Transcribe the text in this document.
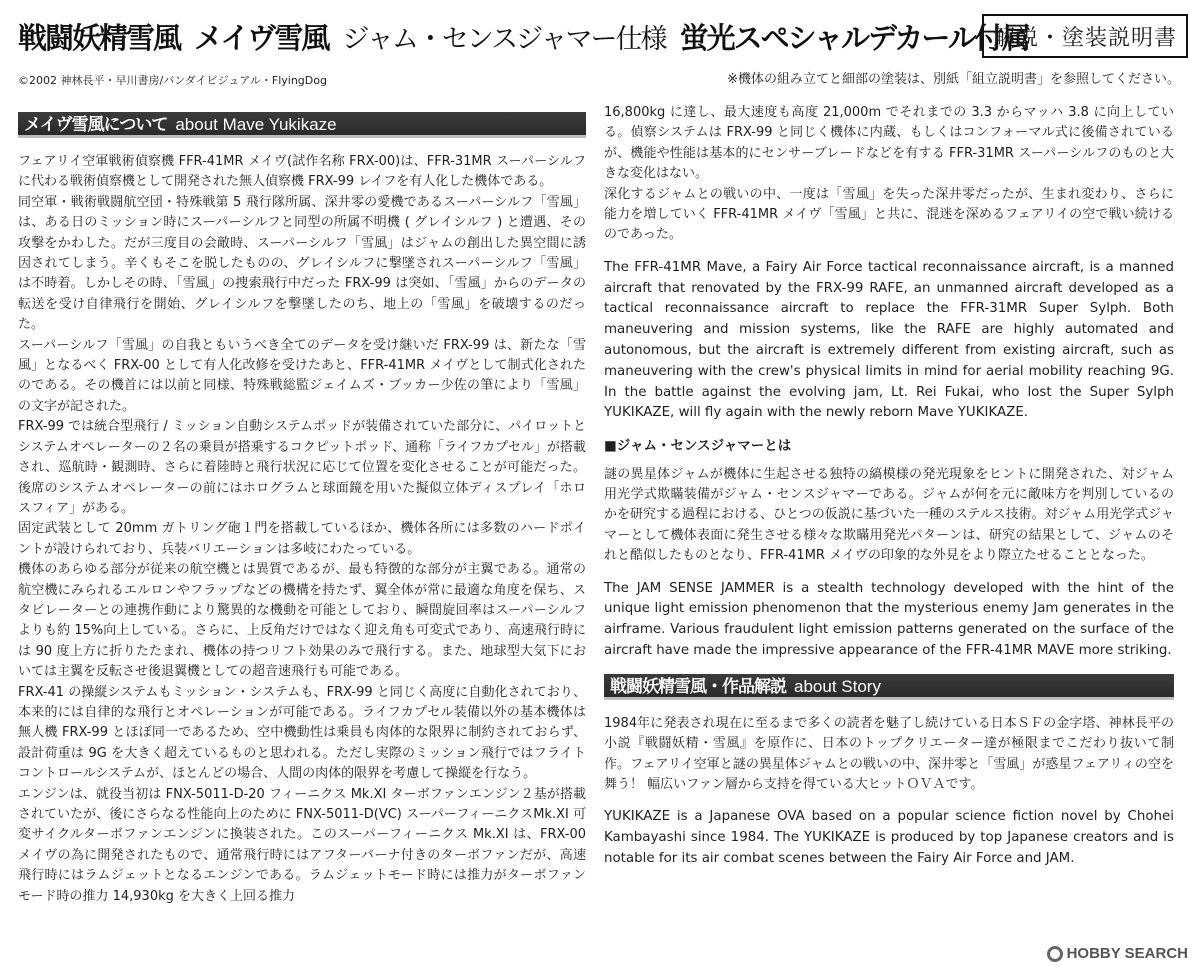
戦闘妖精雪風 メイヴ雪風 ジャム・センスジャマー仕様 蛍光スペシャルデカール付属
解説・塗装説明書
©2002 神林長平・早川書房/バンダイビジュアル・FlyingDog	※機体の組み立てと細部の塗装は、別紙「組立説明書」を参照してください。
メイヴ雪風について about Mave Yukikaze

フェアリイ空軍戦術偵察機 FFR-41MR メイヴ(試作名称 FRX-00)は、FFR-31MR スーパーシルフに代わる戦術偵察機として開発された無人偵察機 FRX-99 レイフを有人化した機体である。

同空軍・戦術戦闘航空団・特殊戦第 5 飛行隊所属、深井零の愛機であるスーパーシルフ「雪風」は、ある日のミッション時にスーパーシルフと同型の所属不明機 ( グレイシルフ ) と遭遇、その攻撃をかわした。だが三度目の会敵時、スーパーシルフ「雪風」はジャムの創出した異空間に誘因されてしまう。辛くもそこを脱したものの、グレイシルフに撃墜されスーパーシルフ「雪風」は不時着。しかしその時、「雪風」の捜索飛行中だった FRX-99 は突如、「雪風」からのデータの転送を受け自律飛行を開始、グレイシルフを撃墜したのち、地上の「雪風」を破壊するのだった。

スーパーシルフ「雪風」の自我ともいうべき全てのデータを受け継いだ FRX-99 は、新たな「雪風」となるべく FRX-00 として有人化改修を受けたあと、FFR-41MR メイヴとして制式化されたのである。その機首には以前と同様、特殊戦総監ジェイムズ・ブッカー少佐の筆により「雪風」の文字が記された。

FRX-99 では統合型飛行 / ミッション自動システムポッドが装備されていた部分に、パイロットとシステムオペレーターの２名の乗員が搭乗するコクピットポッド、通称「ライフカプセル」が搭載され、巡航時・観測時、さらに着陸時と飛行状況に応じて位置を変化させることが可能だった。後席のシステムオペレーターの前にはホログラムと球面鏡を用いた擬似立体ディスプレイ「ホロスフィア」がある。

固定武装として 20mm ガトリング砲１門を搭載しているほか、機体各所には多数のハードポイントが設けられており、兵装バリエーションは多岐にわたっている。

機体のあらゆる部分が従来の航空機とは異質であるが、最も特徴的な部分が主翼である。通常の航空機にみられるエルロンやフラップなどの機構を持たず、翼全体が常に最適な角度を保ち、スタビレーターとの連携作動により驚異的な機動を可能としており、瞬間旋回率はスーパーシルフよりも約 15%向上している。さらに、上反角だけではなく迎え角も可変式であり、高速飛行時には 90 度上方に折りたたまれ、機体の持つリフト効果のみで飛行する。また、地球型大気下においては主翼を反転させ後退翼機としての超音速飛行も可能である。

FRX-41 の操縦システムもミッション・システムも、FRX-99 と同じく高度に自動化されており、本来的には自律的な飛行とオペレーションが可能である。ライフカプセル装備以外の基本機体は無人機 FRX-99 とほぼ同一であるため、空中機動性は乗員も肉体的な限界に制約されておらず、設計荷重は 9G を大きく超えているものと思われる。ただし実際のミッション飛行ではフライトコントロールシステムが、ほとんどの場合、人間の肉体的限界を考慮して操縦を行なう。

エンジンは、就役当初は FNX-5011-D-20 フィーニクス Mk.XI ターボファンエンジン２基が搭載されていたが、後にさらなる性能向上のために FNX-5011-D(VC) スーパーフィーニクスMk.XI 可変サイクルターボファンエンジンに換装された。このスーパーフィーニクス Mk.XI は、FRX-00 メイヴの為に開発されたもので、通常飛行時にはアフターバーナ付きのターボファンだが、高速飛行時にはラムジェットとなるエンジンである。ラムジェットモード時には推力がターボファンモード時の推力 14,930kg を大きく上回る推力

16,800kg に達し、最大速度も高度 21,000m でそれまでの 3.3 からマッハ 3.8 に向上している。偵察システムは FRX-99 と同じく機体に内蔵、もしくはコンフォーマル式に後備されているが、機能や性能は基本的にセンサーブレードなどを有する FFR-31MR スーパーシルフのものと大きな変化はない。

深化するジャムとの戦いの中、一度は「雪風」を失った深井零だったが、生まれ変わり、さらに能力を増していく FFR-41MR メイヴ「雪風」と共に、混迷を深めるフェアリイの空で戦い続けるのであった。

The FFR-41MR Mave, a Fairy Air Force tactical reconnaissance aircraft, is a manned aircraft that renovated by the FRX-99 RAFE, an unmanned aircraft developed as a tactical reconnaissance aircraft to replace the FFR-31MR Super Sylph. Both maneuvering and mission systems, like the RAFE are highly automated and autonomous, but the aircraft is extremely different from existing aircraft, such as maneuvering with the crew's physical limits in mind for aerial mobility reaching 9G. In the battle against the evolving jam, Lt. Rei Fukai, who lost the Super Sylph YUKIKAZE, will fly again with the newly reborn Mave YUKIKAZE.

■ジャム・センスジャマーとは

謎の異星体ジャムが機体に生起させる独特の縞模様の発光現象をヒントに開発された、対ジャム用光学式欺瞞装備がジャム・センスジャマーである。ジャムが何を元に敵味方を判別しているのかを研究する過程における、ひとつの仮説に基づいた一種のステルス技術。対ジャム用光学式ジャマーとして機体表面に発生させる様々な欺瞞用発光パターンは、研究の結果として、ジャムのそれと酷似したものとなり、FFR-41MR メイヴの印象的な外見をより際立たせることとなった。

The JAM SENSE JAMMER is a stealth technology developed with the hint of the unique light emission phenomenon that the mysterious enemy Jam generates in the airframe. Various fraudulent light emission patterns generated on the surface of the aircraft have made the impressive appearance of the FFR-41MR MAVE more striking.

戦闘妖精雪風・作品解説 about Story

1984年に発表され現在に至るまで多くの読者を魅了し続けている日本ＳＦの金字塔、神林長平の小説『戦闘妖精・雪風』を原作に、日本のトップクリエーター達が極限までこだわり抜いて制作。フェアリイ空軍と謎の異星体ジャムとの戦いの中、深井零と「雪風」が惑星フェアリィの空を舞う！ 幅広いファン層から支持を得ている大ヒットＯＶＡです。

YUKIKAZE is a Japanese OVA based on a popular science fiction novel by Chohei Kambayashi since 1984. The YUKIKAZE is produced by top Japanese creators and is notable for its air combat scenes between the Fairy Air Force and JAM.

HOBBY SEARCH
